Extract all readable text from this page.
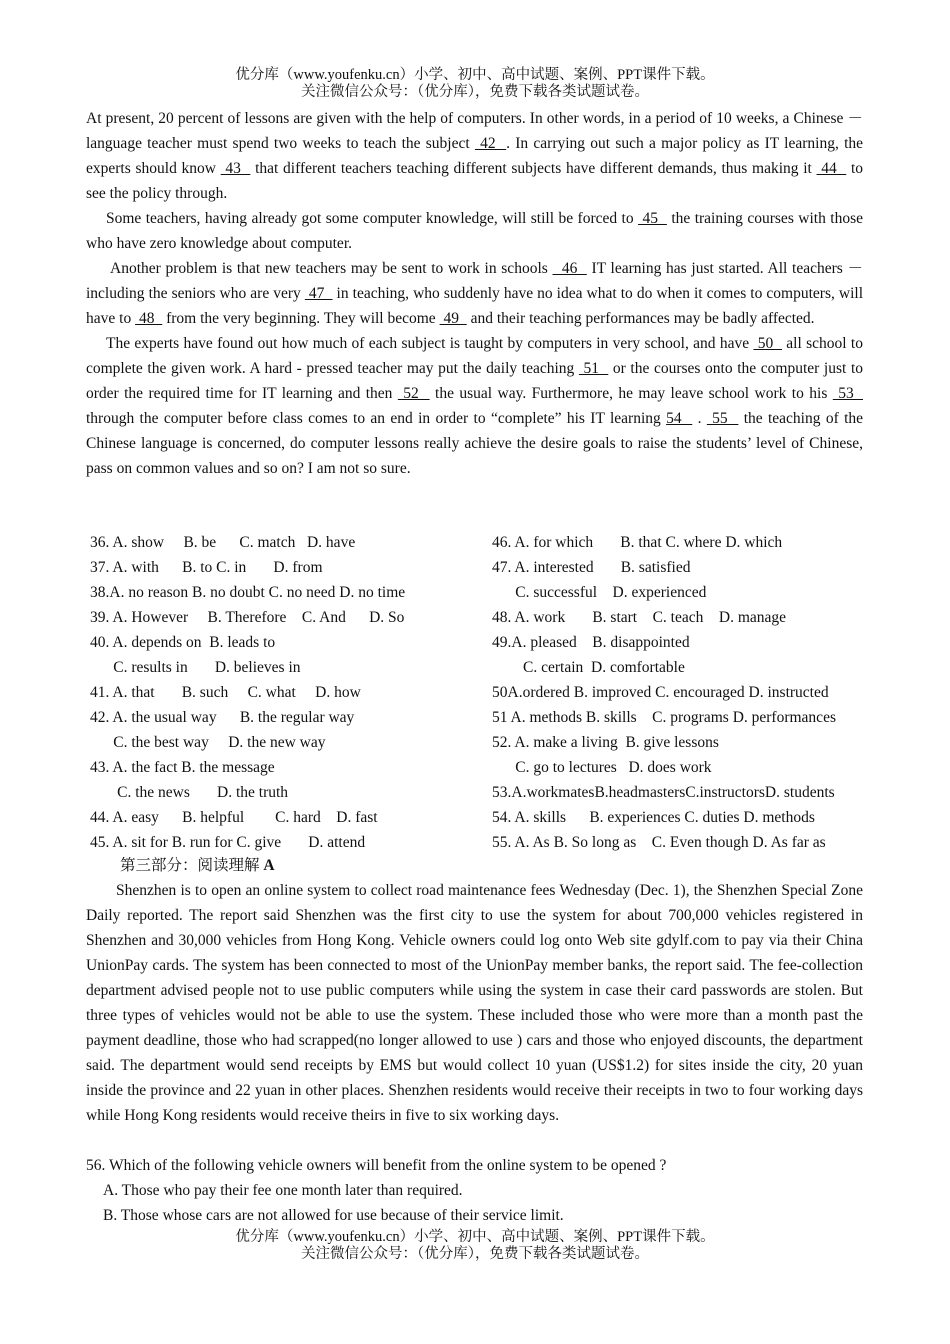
优分库（www.youfenku.cn）小学、初中、高中试题、案例、PPT课件下载。
关注微信公众号：（优分库），免费下载各类试题试卷。

At present, 20 percent of lessons are given with the help of computers. In other words, in a period of 10 weeks, a Chinese － language teacher must spend two weeks to teach the subject  42  . In carrying out such a major policy as IT learning, the experts should know  43   that different teachers teaching different subjects have different demands, thus making it  44   to see the policy through.

Some teachers, having already got some computer knowledge, will still be forced to  45   the training courses with those who have zero knowledge about computer.

Another problem is that new teachers may be sent to work in schools   46   IT learning has just started. All teachers － including the seniors who are very  47   in teaching, who suddenly have no idea what to do when it comes to computers, will have to  48   from the very beginning. They will become  49   and their teaching performances may be badly affected.

The experts have found out how much of each subject is taught by computers in very school, and have  50   all school to complete the given work. A hard - pressed teacher may put the daily teaching  51   or the courses onto the computer just to order the required time for IT learning and then  52   the usual way. Furthermore, he may leave school work to his  53   through the computer before class comes to an end in order to “complete” his IT learning 54   .  55   the teaching of the Chinese language is concerned, do computer lessons really achieve the desire goals to raise the students’ level of Chinese, pass on common values and so on? I am not so sure.

36. A. show     B. be      C. match   D. have
37. A. with      B. to C. in       D. from
38.A. no reason B. no doubt C. no need D. no time
39. A. However     B. Therefore    C. And      D. So
40. A. depends on  B. leads to
C. results in       D. believes in
41. A. that       B. such     C. what     D. how
42. A. the usual way      B. the regular way
C. the best way     D. the new way
43. A. the fact B. the message
C. the news       D. the truth
44. A. easy      B. helpful        C. hard    D. fast
45. A. sit for B. run for C. give       D. attend
46. A. for which       B. that C. where D. which
47. A. interested       B. satisfied
C. successful    D. experienced
48. A. work       B. start    C. teach    D. manage
49.A. pleased    B. disappointed
C. certain  D. comfortable
50A.ordered B. improved C. encouraged D. instructed
51 A. methods B. skills    C. programs D. performances
52. A. make a living  B. give lessons
C. go to lectures   D. does work
53.A.workmatesB.headmastersC.instructorsD. students
54. A. skills      B. experiences C. duties D. methods
55. A. As B. So long as    C. Even though D. As far as
第三部分：阅读理解 A

Shenzhen is to open an online system to collect road maintenance fees Wednesday (Dec. 1), the Shenzhen Special Zone Daily reported. The report said Shenzhen was the first city to use the system for about 700,000 vehicles registered in Shenzhen and 30,000 vehicles from Hong Kong. Vehicle owners could log onto Web site gdylf.com to pay via their China UnionPay cards. The system has been connected to most of the UnionPay member banks, the report said. The fee-collection department advised people not to use public computers while using the system in case their card passwords are stolen. But three types of vehicles would not be able to use the system. These included those who were more than a month past the payment deadline, those who had scrapped(no longer allowed to use ) cars and those who enjoyed discounts, the department said. The department would send receipts by EMS but would collect 10 yuan (US$1.2) for sites inside the city, 20 yuan inside the province and 22 yuan in other places. Shenzhen residents would receive their receipts in two to four working days while Hong Kong residents would receive theirs in five to six working days.

56. Which of the following vehicle owners will benefit from the online system to be opened ?
A. Those who pay their fee one month later than required.
B. Those whose cars are not allowed for use because of their service limit.
优分库（www.youfenku.cn）小学、初中、高中试题、案例、PPT课件下载。
关注微信公众号：（优分库），免费下载各类试题试卷。
